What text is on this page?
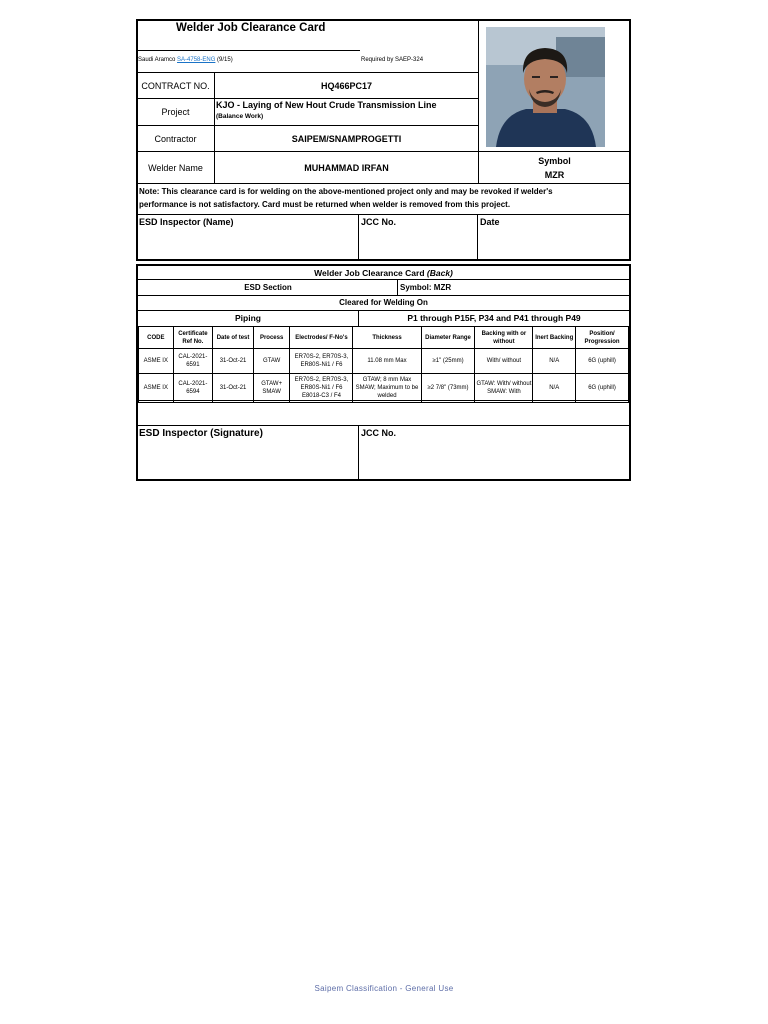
Welder Job Clearance Card
Saudi Aramco SA-4758-ENG (9/15)	Required by SAEP-324
CONTRACT NO.	HQ466PC17
Project
KJO - Laying of New Hout Crude Transmission Line
(Balance Work)
Contractor	SAIPEM/SNAMPROGETTI
Welder Name	MUHAMMAD IRFAN
Symbol
MZR
Note: This clearance card is for welding on the above-mentioned project only and may be revoked if welder's
performance is not satisfactory. Card must be returned when welder is removed from this project.
ESD Inspector (Name)	JCC No.	Date
Welder Job Clearance Card (Back)
ESD Section	Symbol: MZR
Cleared for Welding On
Piping	P1 through P15F, P34 and P41 through P49
CODE	Certificate Ref No.	Date of test	Process	Electrodes/ F-No's	Thickness	Diameter Range	Backing with or without	Inert Backing	Position/ Progression
ASME IX	CAL-2021-6591	31-Oct-21	GTAW	ER70S-2, ER70S-3, ER80S-Ni1 / F6	11.08 mm Max	≥1" (25mm)	With/ without	N/A	6G (uphill)
ASME IX	CAL-2021-6594	31-Oct-21	GTAW+ SMAW	ER70S-2, ER70S-3, ER80S-Ni1 / F6 E8018-C3 / F4	GTAW; 8 mm Max SMAW; Maximum to be welded	≥2 7/8" (73mm)	GTAW: With/ without SMAW: With	N/A	6G (uphill)
ESD Inspector (Signature)	JCC No.
Saipem Classification - General Use
